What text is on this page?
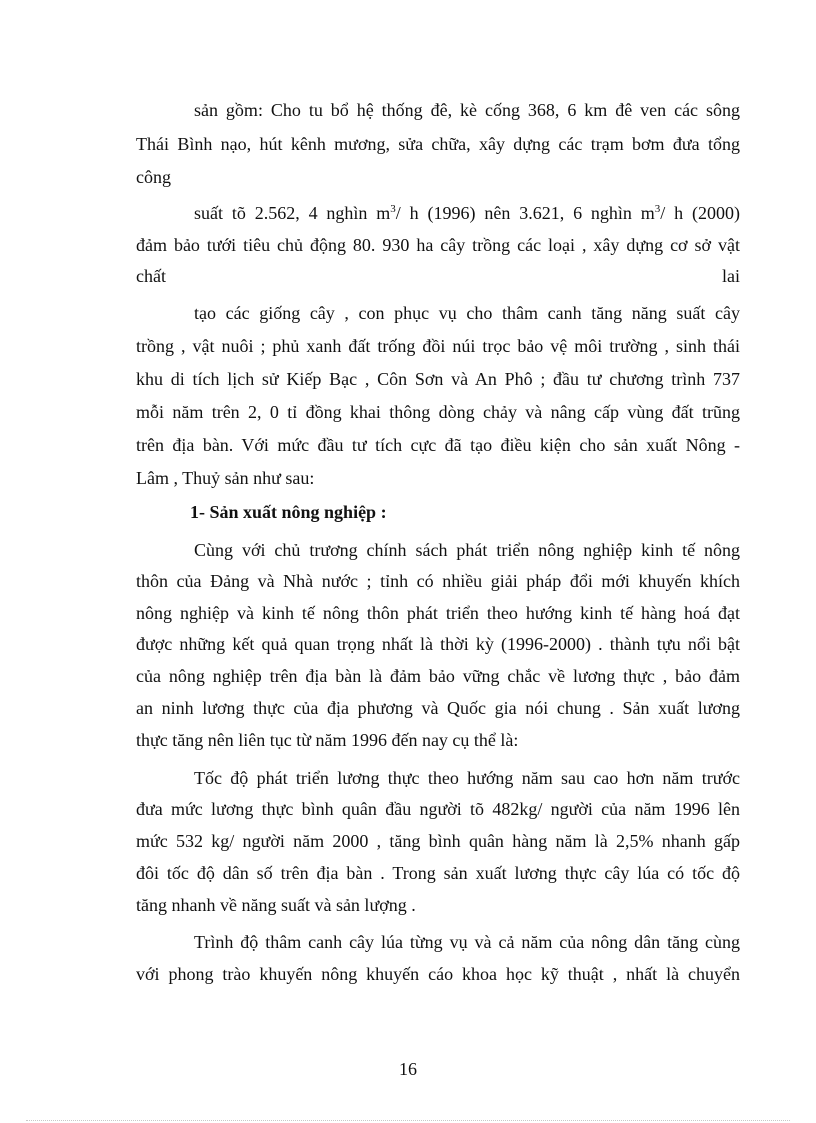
sản gồm: Cho tu bổ hệ thống đê, kè cống 368, 6 km đê ven các sông
Thái Bình nạo, hút kênh mương, sửa chữa, xây dựng các trạm bơm đưa tổng
công
suất tõ 2.562, 4 nghìn $m^3/$ h (1996) nên 3.621, 6 nghìn $m^3/$ h (2000)
đảm bảo tưới tiêu chủ động 80. 930 ha cây trồng các loại , xây dựng cơ sở vật
chất	lai
tạo các giống cây , con phục vụ cho thâm canh tăng năng suất cây
trồng , vật nuôi ; phủ xanh đất trống đồi núi trọc bảo vệ môi trường , sinh thái
khu di tích lịch sử Kiếp Bạc , Côn Sơn và An Phô ; đầu tư chương trình 737
mỗi năm trên 2, 0 tỉ đồng khai thông dòng chảy và nâng cấp vùng đất trũng
trên địa bàn. Với mức đầu tư tích cực đã tạo điều kiện cho sản xuất Nông -
Lâm , Thuỷ sản như sau:
1- Sản xuất nông nghiệp :
Cùng với chủ trương chính sách phát triển nông nghiệp kinh tế nông
thôn của Đảng và Nhà nước ; tỉnh có nhiều giải pháp đổi mới khuyến khích
nông nghiệp và kinh tế nông thôn phát triển theo hướng kinh tế hàng hoá đạt
được những kết quả quan trọng nhất là thời kỳ (1996-2000) . thành tựu nổi bật
của nông nghiệp trên địa bàn là đảm bảo vững chắc về lương thực , bảo đảm
an ninh lương thực của địa phương và Quốc gia nói chung . Sản xuất lương
thực tăng nên liên tục từ năm 1996 đến nay cụ thể là:
Tốc độ phát triển lương thực theo hướng năm sau cao hơn năm trước
đưa mức lương thực bình quân đầu người tõ 482kg/ người của năm 1996 lên
mức 532 kg/ người năm 2000 , tăng bình quân hàng năm là 2,5% nhanh gấp
đôi tốc độ dân số trên địa bàn . Trong sản xuất lương thực cây lúa có tốc độ
tăng nhanh về năng suất và sản lượng .
Trình độ thâm canh cây lúa từng vụ và cả năm của nông dân tăng cùng
với phong trào khuyến nông khuyến cáo khoa học kỹ thuật , nhất là chuyển
16
